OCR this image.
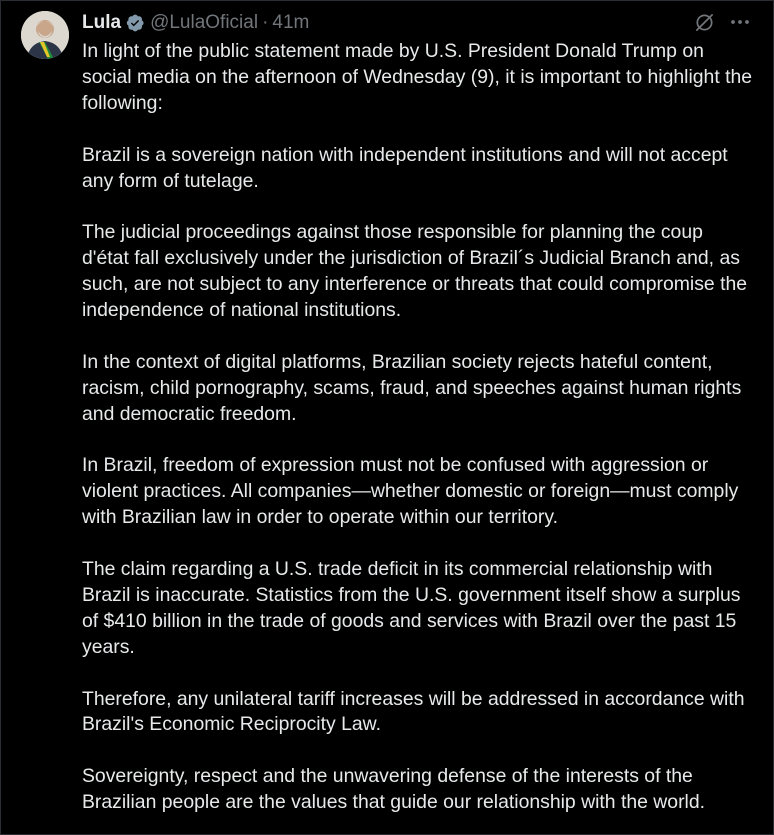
Lula @LulaOficial · 41m

In light of the public statement made by U.S. President Donald Trump on social media on the afternoon of Wednesday (9), it is important to highlight the following:

Brazil is a sovereign nation with independent institutions and will not accept any form of tutelage.

The judicial proceedings against those responsible for planning the coup d'état fall exclusively under the jurisdiction of Brazil´s Judicial Branch and, as such, are not subject to any interference or threats that could compromise the independence of national institutions.

In the context of digital platforms, Brazilian society rejects hateful content, racism, child pornography, scams, fraud, and speeches against human rights and democratic freedom.

In Brazil, freedom of expression must not be confused with aggression or violent practices. All companies—whether domestic or foreign—must comply with Brazilian law in order to operate within our territory.

The claim regarding a U.S. trade deficit in its commercial relationship with Brazil is inaccurate. Statistics from the U.S. government itself show a surplus of $410 billion in the trade of goods and services with Brazil over the past 15 years.

Therefore, any unilateral tariff increases will be addressed in accordance with Brazil's Economic Reciprocity Law.

Sovereignty, respect and the unwavering defense of the interests of the Brazilian people are the values that guide our relationship with the world.
